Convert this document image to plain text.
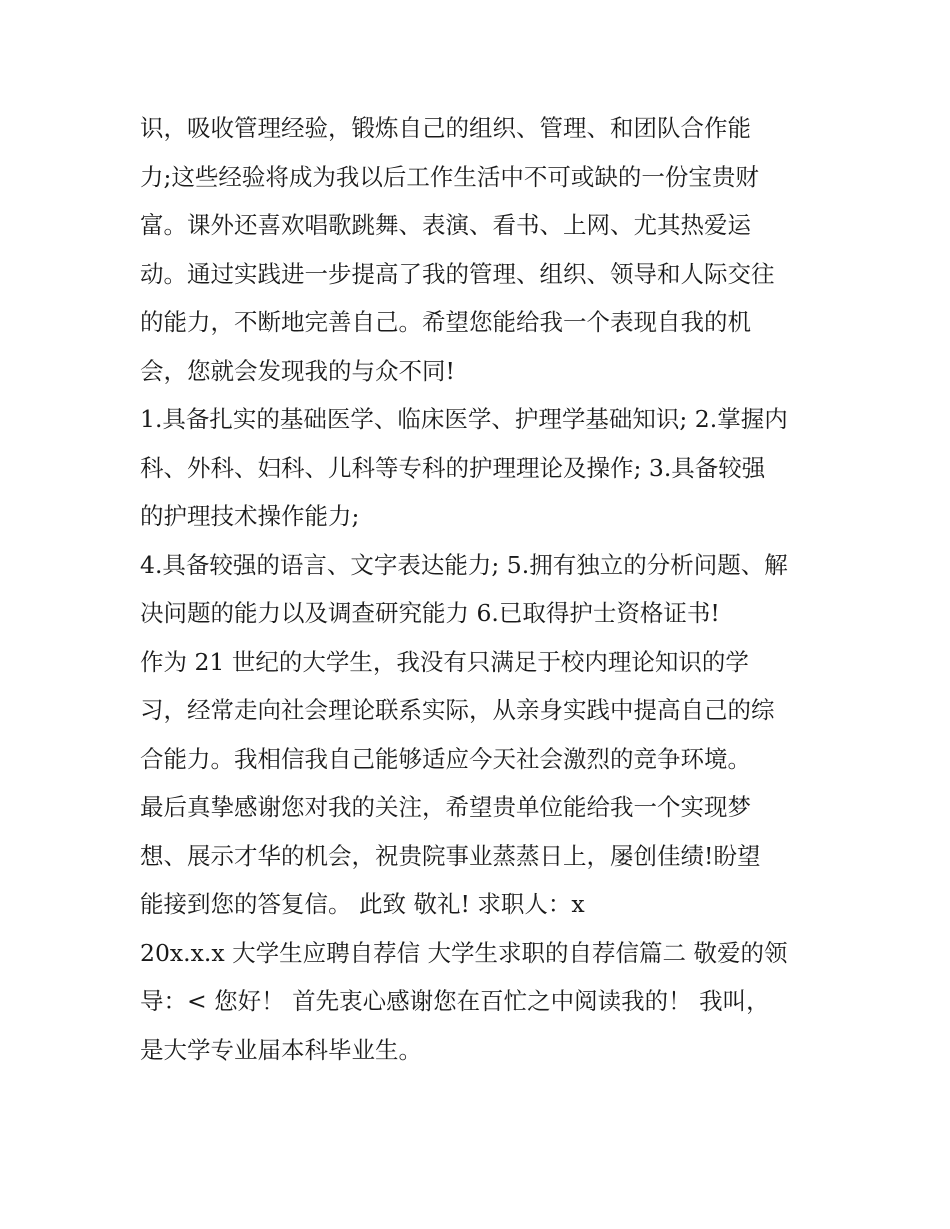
识，吸收管理经验，锻炼自己的组织、管理、和团队合作能
力;这些经验将成为我以后工作生活中不可或缺的一份宝贵财
富。课外还喜欢唱歌跳舞、表演、看书、上网、尤其热爱运
动。通过实践进一步提高了我的管理、组织、领导和人际交往
的能力，不断地完善自己。希望您能给我一个表现自我的机
会，您就会发现我的与众不同!
1.具备扎实的基础医学、临床医学、护理学基础知识; 2.掌握内
科、外科、妇科、儿科等专科的护理理论及操作; 3.具备较强
的护理技术操作能力;
4.具备较强的语言、文字表达能力; 5.拥有独立的分析问题、解
决问题的能力以及调查研究能力 6.已取得护士资格证书!
作为 21 世纪的大学生，我没有只满足于校内理论知识的学
习，经常走向社会理论联系实际，从亲身实践中提高自己的综
合能力。我相信我自己能够适应今天社会激烈的竞争环境。
最后真挚感谢您对我的关注，希望贵单位能给我一个实现梦
想、展示才华的机会，祝贵院事业蒸蒸日上，屡创佳绩!盼望
能接到您的答复信。 此致 敬礼! 求职人：x
20x.x.x 大学生应聘自荐信 大学生求职的自荐信篇二 敬爱的领
导：< 您好！ 首先衷心感谢您在百忙之中阅读我的！ 我叫，
是大学专业届本科毕业生。
